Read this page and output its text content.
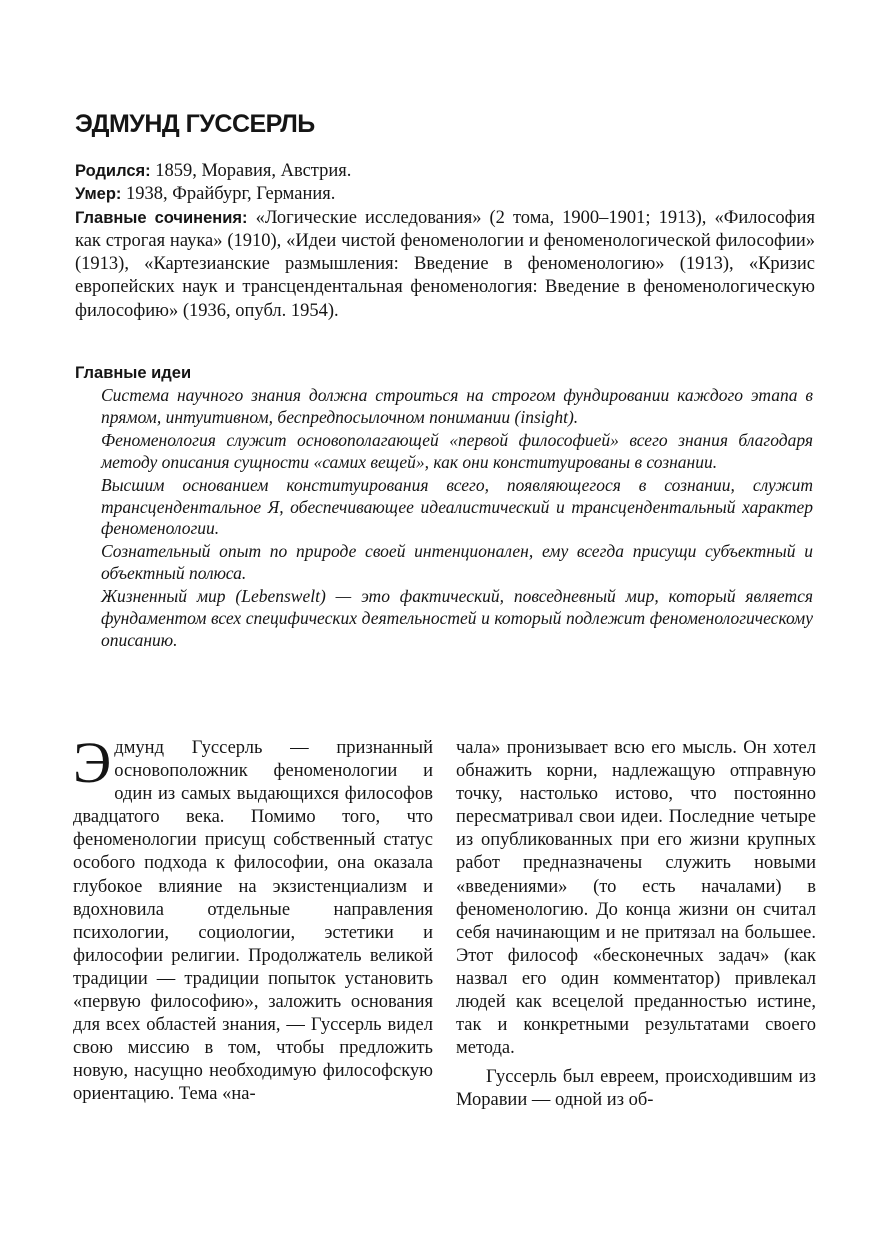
ЭДМУНД ГУССЕРЛЬ

Родился: 1859, Моравия, Австрия.

Умер: 1938, Фрайбург, Германия.

Главные сочинения: «Логические исследования» (2 тома, 1900–1901; 1913), «Философия как строгая наука» (1910), «Идеи чистой феноменологии и феноменологической философии» (1913), «Картезианские размышления: Введение в феноменологию» (1913), «Кризис европейских наук и трансцендентальная феноменология: Введение в феноменологическую философию» (1936, опубл. 1954).

Главные идеи
Система научного знания должна строиться на строгом фундировании каждого этапа в прямом, интуитивном, беспредпосылочном понимании (insight).
Феноменология служит основополагающей «первой философией» всего знания благодаря методу описания сущности «самих вещей», как они конституированы в сознании.
Высшим основанием конституирования всего, появляющегося в сознании, служит трансцендентальное Я, обеспечивающее идеалистический и трансцендентальный характер феноменологии.
Сознательный опыт по природе своей интенционален, ему всегда присущи субъектный и объектный полюса.
Жизненный мир (Lebenswelt) — это фактический, повседневный мир, который является фундаментом всех специфических деятельностей и который подлежит феноменологическому описанию.

Эдмунд Гуссерль — признанный основоположник феноменологии и один из самых выдающихся философов двадцатого века. Помимо того, что феноменологии присущ собственный статус особого подхода к философии, она оказала глубокое влияние на экзистенциализм и вдохновила отдельные направления психологии, социологии, эстетики и философии религии. Продолжатель великой традиции — традиции попыток установить «первую философию», заложить основания для всех областей знания, — Гуссерль видел свою миссию в том, чтобы предложить новую, насущно необходимую философскую ориентацию. Тема «на-

чала» пронизывает всю его мысль. Он хотел обнажить корни, надлежащую отправную точку, настолько истово, что постоянно пересматривал свои идеи. Последние четыре из опубликованных при его жизни крупных работ предназначены служить новыми «введениями» (то есть началами) в феноменологию. До конца жизни он считал себя начинающим и не притязал на большее. Этот философ «бесконечных задач» (как назвал его один комментатор) привлекал людей как всецелой преданностью истине, так и конкретными результатами своего метода.

Гуссерль был евреем, происходившим из Моравии — одной из об-
